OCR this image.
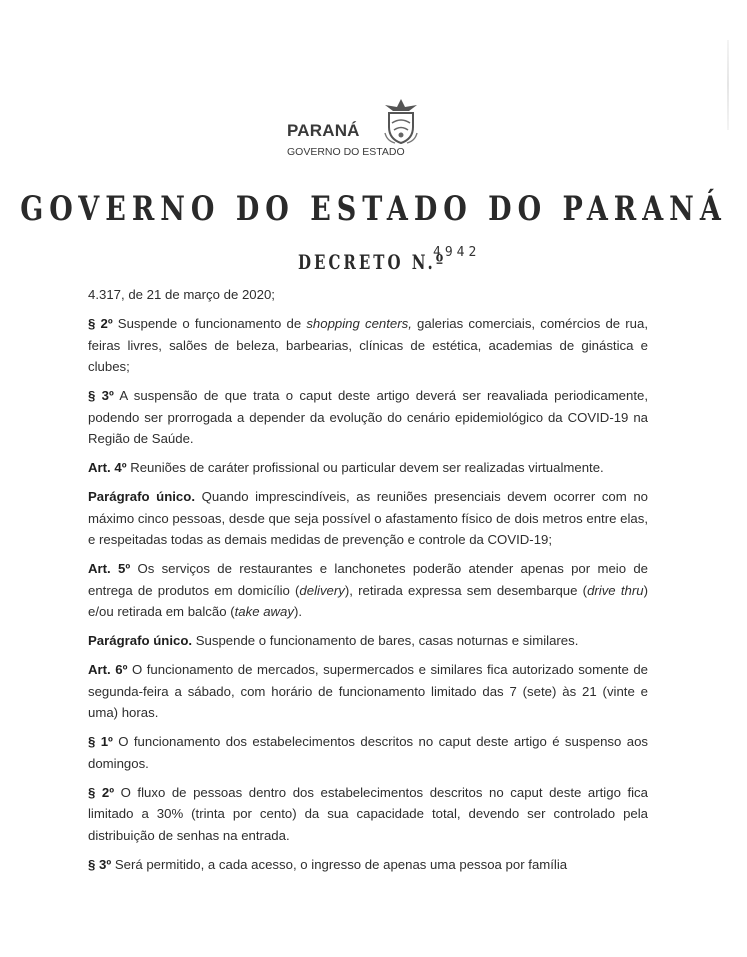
PARANÁ
GOVERNO DO ESTADO
GOVERNO DO ESTADO DO PARANÁ
DECRETO N.º
4942

4.317, de 21 de março de 2020;

§ 2º Suspende o funcionamento de shopping centers, galerias comerciais, comércios de rua, feiras livres, salões de beleza, barbearias, clínicas de estética, academias de ginástica e clubes;

§ 3º A suspensão de que trata o caput deste artigo deverá ser reavaliada periodicamente, podendo ser prorrogada a depender da evolução do cenário epidemiológico da COVID-19 na Região de Saúde.

Art. 4º Reuniões de caráter profissional ou particular devem ser realizadas virtualmente.

Parágrafo único. Quando imprescindíveis, as reuniões presenciais devem ocorrer com no máximo cinco pessoas, desde que seja possível o afastamento físico de dois metros entre elas, e respeitadas todas as demais medidas de prevenção e controle da COVID-19;

Art. 5º Os serviços de restaurantes e lanchonetes poderão atender apenas por meio de entrega de produtos em domicílio (delivery), retirada expressa sem desembarque (drive thru) e/ou retirada em balcão (take away).

Parágrafo único. Suspende o funcionamento de bares, casas noturnas e similares.

Art. 6º O funcionamento de mercados, supermercados e similares fica autorizado somente de segunda-feira a sábado, com horário de funcionamento limitado das 7 (sete) às 21 (vinte e uma) horas.

§ 1º O funcionamento dos estabelecimentos descritos no caput deste artigo é suspenso aos domingos.

§ 2º O fluxo de pessoas dentro dos estabelecimentos descritos no caput deste artigo fica limitado a 30% (trinta por cento) da sua capacidade total, devendo ser controlado pela distribuição de senhas na entrada.

§ 3º Será permitido, a cada acesso, o ingresso de apenas uma pessoa por família
